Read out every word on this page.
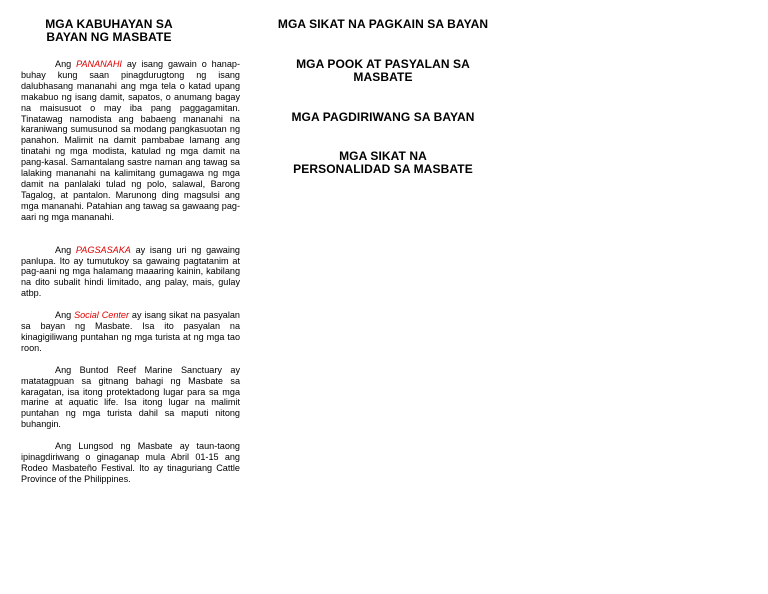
MGA KABUHAYAN SA
BAYAN NG MASBATE

Ang PANANAHI ay isang gawain o hanap-buhay kung saan pinagdurugtong ng isang dalubhasang mananahi ang mga tela o katad upang makabuo ng isang damit, sapatos, o anumang bagay na maisusuot o may iba pang paggagamitan. Tinatawag namodista ang babaeng mananahi na karaniwang sumusunod sa modang pangkasuotan ng panahon. Malimit na damit pambabae lamang ang tinatahi ng mga modista, katulad ng mga damit na pang-kasal. Samantalang sastre naman ang tawag sa lalaking mananahi na kalimitang gumagawa ng mga damit na panlalaki tulad ng polo, salawal, Barong Tagalog, at pantalon. Marunong ding magsulsi ang mga mananahi. Patahian ang tawag sa gawaang pag-aari ng mga mananahi.

Ang PAGSASAKA ay isang uri ng gawaing panlupa. Ito ay tumutukoy sa gawaing pagtatanim at pag-aani ng mga halamang maaaring kainin, kabilang na dito subalit hindi limitado, ang palay, mais, gulay atbp.

Ang Social Center ay isang sikat na pasyalan sa bayan ng Masbate. Isa ito pasyalan na kinagigiliwang puntahan ng mga turista at ng mga tao roon.

Ang Buntod Reef Marine Sanctuary ay matatagpuan sa gitnang bahagi ng Masbate sa karagatan, isa itong protektadong lugar para sa mga marine at aquatic life. Isa itong lugar na malimit puntahan ng mga turista dahil sa maputi nitong buhangin.

Ang Lungsod ng Masbate ay taun-taong ipinagdiriwang o ginaganap mula Abril 01-15 ang Rodeo Masbateño Festival. Ito ay tinaguriang Cattle Province of the Philippines.

MGA SIKAT NA PAGKAIN SA BAYAN
MGA POOK AT PASYALAN SA
MASBATE
MGA PAGDIRIWANG SA BAYAN
MGA SIKAT NA
PERSONALIDAD SA MASBATE
